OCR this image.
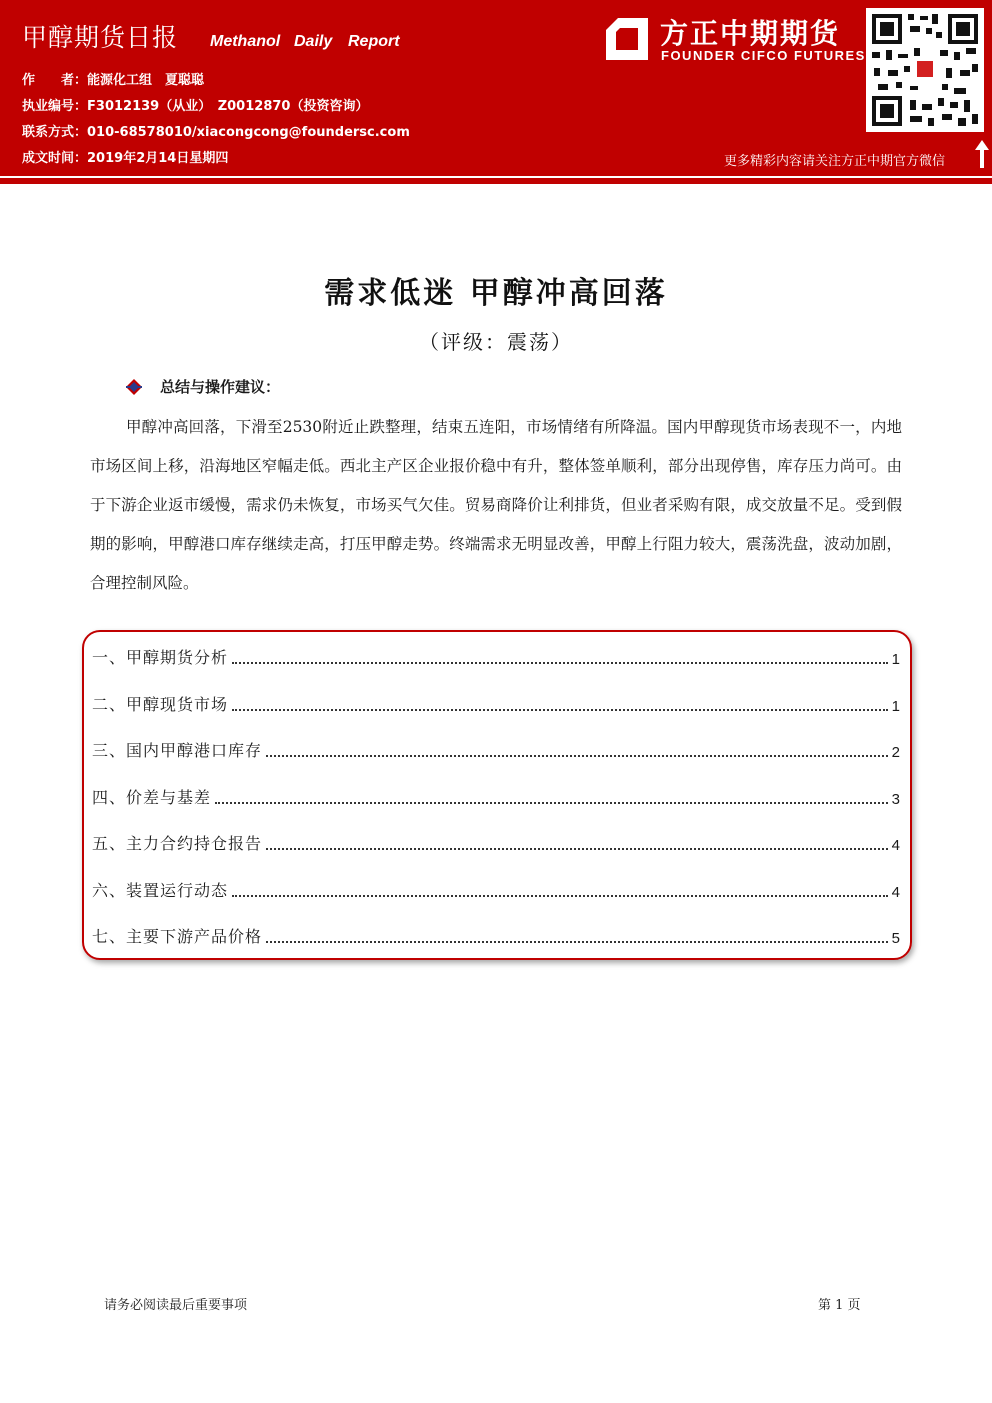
甲醇期货日报 Methanol Daily Report
作　　者：能源化工组　夏聪聪
执业编号：F3012139（从业）　Z0012870（投资咨询）
联系方式：010-68578010/xiacongcong@foundersc.com
成文时间：2019年2月14日星期四
方正中期期货
FOUNDER CIFCO FUTURES
更多精彩内容请关注方正中期官方微信
需求低迷 甲醇冲高回落
（评级：震荡）
总结与操作建议：
甲醇冲高回落，下滑至2530附近止跌整理，结束五连阳，市场情绪有所降温。国内甲醇现货市场表现不一，内地市场区间上移，沿海地区窄幅走低。西北主产区企业报价稳中有升，整体签单顺利，部分出现停售，库存压力尚可。由于下游企业返市缓慢，需求仍未恢复，市场买气欠佳。贸易商降价让利排货，但业者采购有限，成交放量不足。受到假期的影响，甲醇港口库存继续走高，打压甲醇走势。终端需求无明显改善，甲醇上行阻力较大，震荡洗盘，波动加剧，合理控制风险。
一、甲醇期货分析	1
二、甲醇现货市场	1
三、国内甲醇港口库存	2
四、价差与基差	3
五、主力合约持仓报告	4
六、装置运行动态	4
七、主要下游产品价格	5
请务必阅读最后重要事项	第 1 页
